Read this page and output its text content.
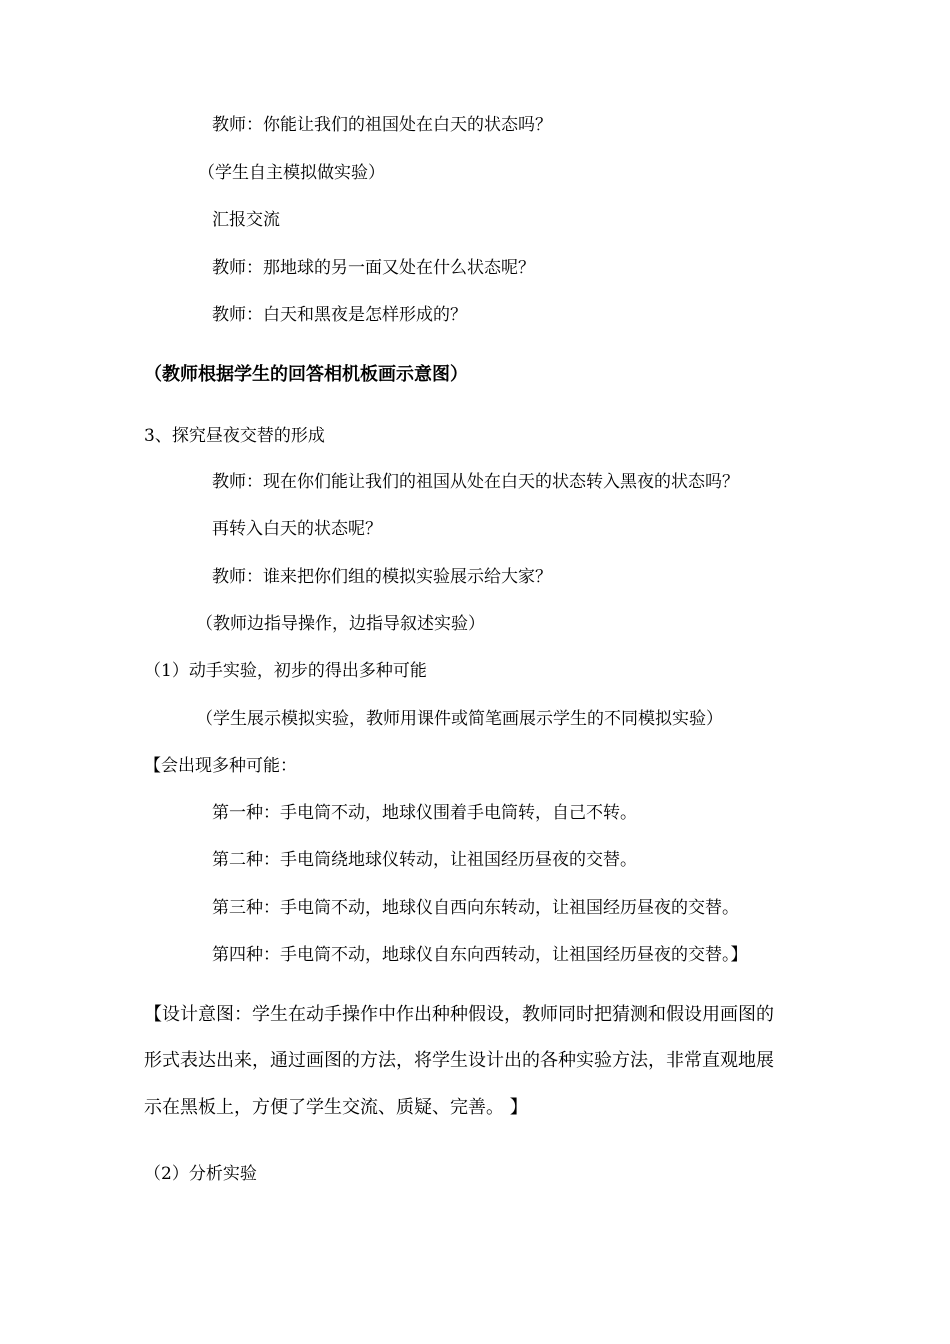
教师：你能让我们的祖国处在白天的状态吗？
（学生自主模拟做实验）
汇报交流
教师：那地球的另一面又处在什么状态呢？
教师：白天和黑夜是怎样形成的？
（教师根据学生的回答相机板画示意图）
3、探究昼夜交替的形成
教师：现在你们能让我们的祖国从处在白天的状态转入黑夜的状态吗？
再转入白天的状态呢？
教师：谁来把你们组的模拟实验展示给大家？
（教师边指导操作，边指导叙述实验）
（1）动手实验，初步的得出多种可能
（学生展示模拟实验，教师用课件或简笔画展示学生的不同模拟实验）
【会出现多种可能：
第一种：手电筒不动，地球仪围着手电筒转，自己不转。
第二种：手电筒绕地球仪转动，让祖国经历昼夜的交替。
第三种：手电筒不动，地球仪自西向东转动，让祖国经历昼夜的交替。
第四种：手电筒不动，地球仪自东向西转动，让祖国经历昼夜的交替。】
【设计意图：学生在动手操作中作出种种假设，教师同时把猜测和假设用画图的
形式表达出来，通过画图的方法，将学生设计出的各种实验方法，非常直观地展
示在黑板上，方便了学生交流、质疑、完善。 】
（2）分析实验
